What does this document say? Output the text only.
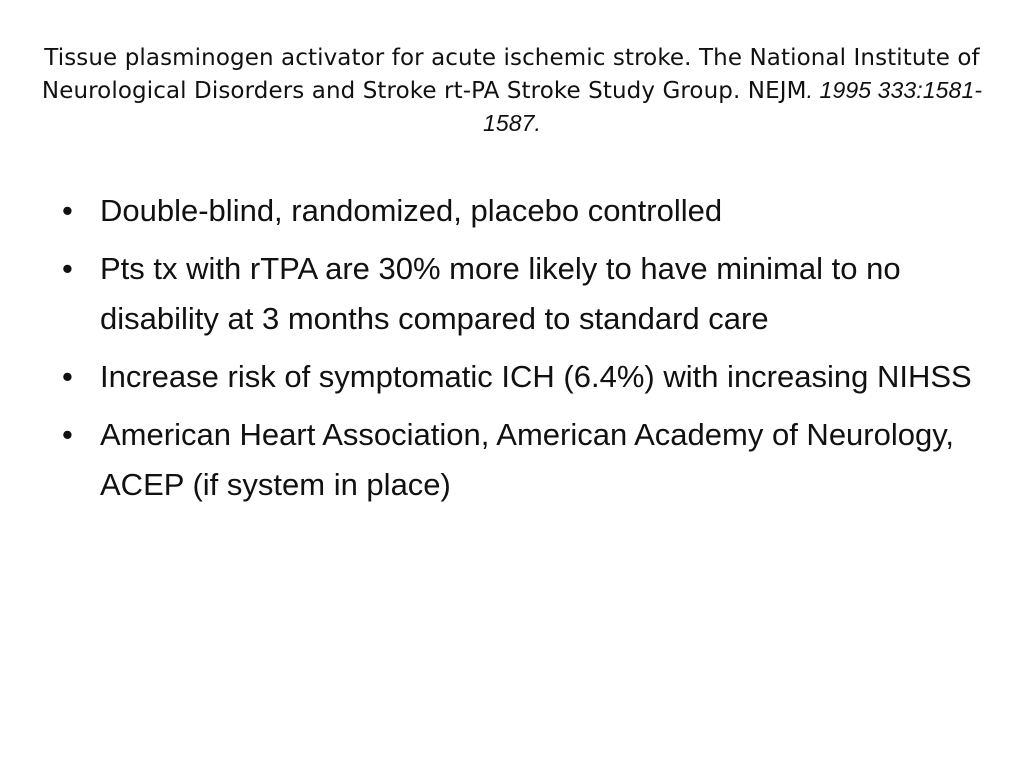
Tissue plasminogen activator for acute ischemic stroke. The National Institute of Neurological Disorders and Stroke rt-PA Stroke Study Group. NEJM. 1995 333:1581-1587.
• Double-blind, randomized, placebo controlled
• Pts tx with rTPA are 30% more likely to have minimal to no disability at 3 months compared to standard care
• Increase risk of symptomatic ICH (6.4%) with increasing NIHSS
• American Heart Association, American Academy of Neurology, ACEP (if system in place)
